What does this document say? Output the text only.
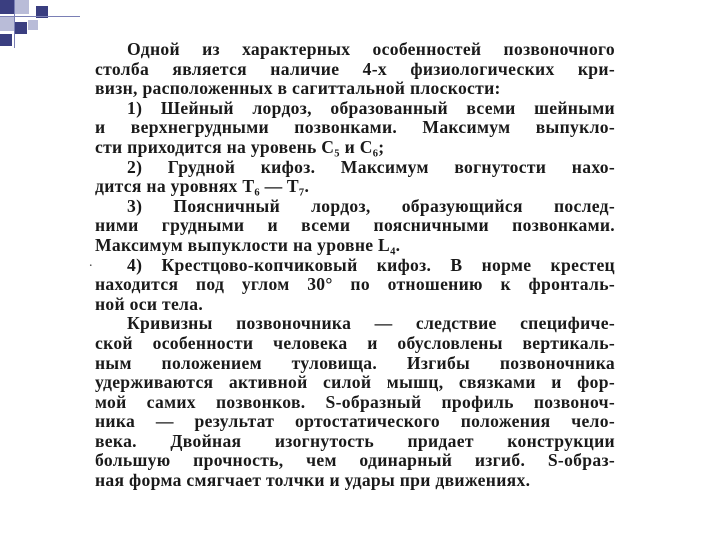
.
Одной из характерных особенностей позвоночного
столба является наличие 4-х физиологических кри-
визн, расположенных в сагиттальной плоскости:
1) Шейный лордоз, образованный всеми шейными
и верхнегрудными позвонками. Максимум выпукло-
сти приходится на уровень C₅ и C₆;
2) Грудной кифоз. Максимум вогнутости нахо-
дится на уровнях T₆ — T₇.
3) Поясничный лордоз, образующийся послед-
ними грудными и всеми поясничными позвонками.
Максимум выпуклости на уровне L₄.
4) Крестцово-копчиковый кифоз. В норме крестец
находится под углом 30° по отношению к фронталь-
ной оси тела.
Кривизны позвоночника — следствие специфиче-
ской особенности человека и обусловлены вертикаль-
ным положением туловища. Изгибы позвоночника
удерживаются активной силой мышц, связками и фор-
мой самих позвонков. S-образный профиль позвоноч-
ника — результат ортостатического положения чело-
века. Двойная изогнутость придает конструкции
большую прочность, чем одинарный изгиб. S-образ-
ная форма смягчает толчки и удары при движениях.
